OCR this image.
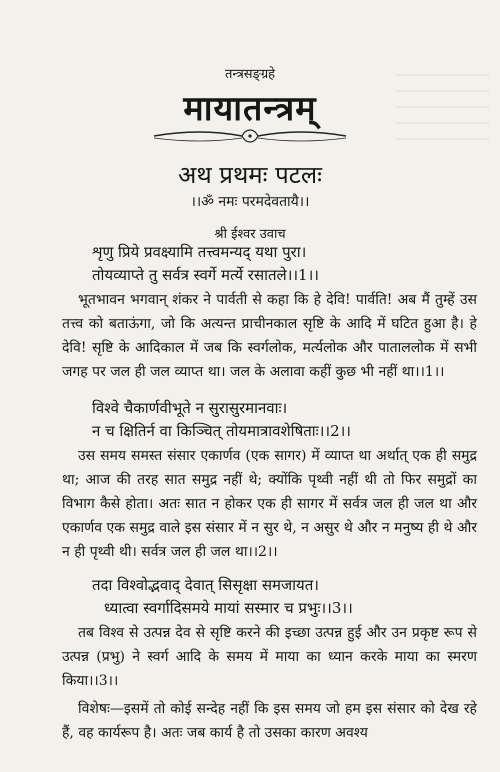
तन्त्रसङ्ग्रहे
मायातन्त्रम्
अथ प्रथमः पटलः
।।ॐ नमः परमदेवतायै।।
श्री ईश्वर उवाच
शृणु प्रिये प्रवक्ष्यामि तत्त्वमन्यद् यथा पुरा।
तोयव्याप्ते तु सर्वत्र स्वर्गे मर्त्ये रसातले।।1।।

भूतभावन भगवान् शंकर ने पार्वती से कहा कि हे देवि! पार्वति! अब मैं तुम्हें उस तत्त्व को बताऊंगा, जो कि अत्यन्त प्राचीनकाल सृष्टि के आदि में घटित हुआ है। हे देवि! सृष्टि के आदिकाल में जब कि स्वर्गलोक, मर्त्यलोक और पाताललोक में सभी जगह पर जल ही जल व्याप्त था। जल के अलावा कहीं कुछ भी नहीं था।।1।।

विश्वे चैकार्णवीभूते न सुरासुरमानवाः।
न च क्षितिर्न वा किञ्चित् तोयमात्रावशेषिताः।।2।।

उस समय समस्त संसार एकार्णव (एक सागर) में व्याप्त था अर्थात् एक ही समुद्र था; आज की तरह सात समुद्र नहीं थे; क्योंकि पृथ्वी नहीं थी तो फिर समुद्रों का विभाग कैसे होता। अतः सात न होकर एक ही सागर में सर्वत्र जल ही जल था और एकार्णव एक समुद्र वाले इस संसार में न सुर थे, न असुर थे और न मनुष्य ही थे और न ही पृथ्वी थी। सर्वत्र जल ही जल था।।2।।

तदा विश्वोद्भवाद् देवात् सिसृक्षा समजायत।
ध्यात्वा स्वर्गादिसमये मायां सस्मार च प्रभुः।।3।।

तब विश्व से उत्पन्न देव से सृष्टि करने की इच्छा उत्पन्न हुई और उन प्रकृष्ट रूप से उत्पन्न (प्रभु) ने स्वर्ग आदि के समय में माया का ध्यान करके माया का स्मरण किया।।3।।

विशेषः—इसमें तो कोई सन्देह नहीं कि इस समय जो हम इस संसार को देख रहे हैं, वह कार्यरूप है। अतः जब कार्य है तो उसका कारण अवश्य
